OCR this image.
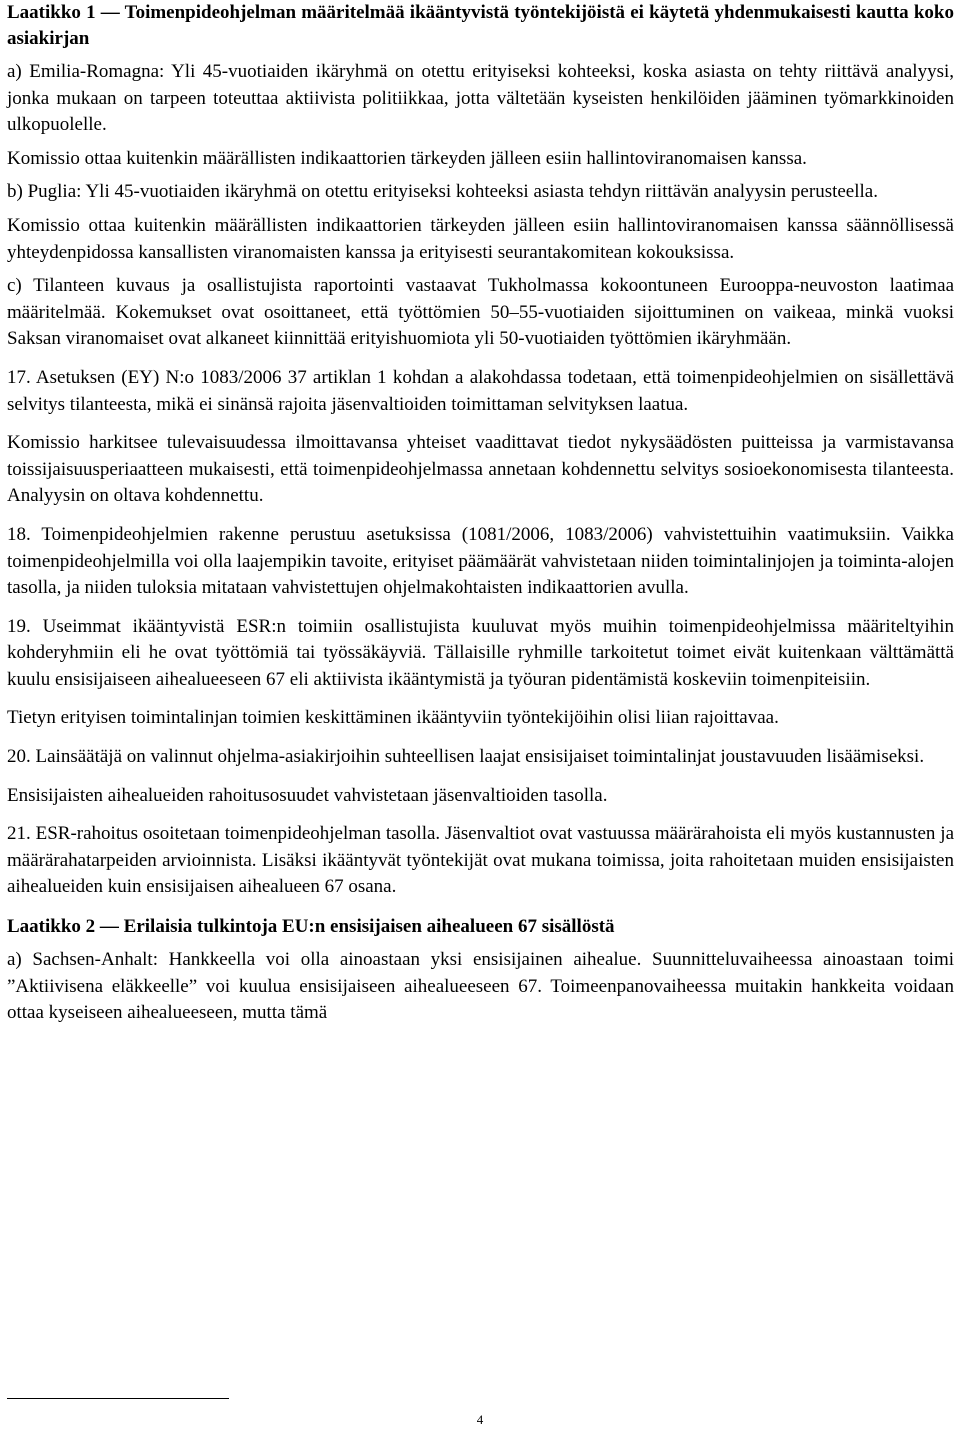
Laatikko 1 — Toimenpideohjelman määritelmää ikääntyvistä työntekijöistä ei käytetä yhdenmukaisesti kautta koko asiakirjan

a) Emilia-Romagna: Yli 45-vuotiaiden ikäryhmä on otettu erityiseksi kohteeksi, koska asiasta on tehty riittävä analyysi, jonka mukaan on tarpeen toteuttaa aktiivista politiikkaa, jotta vältetään kyseisten henkilöiden jääminen työmarkkinoiden ulkopuolelle.

Komissio ottaa kuitenkin määrällisten indikaattorien tärkeyden jälleen esiin hallintoviranomaisen kanssa.

b) Puglia: Yli 45-vuotiaiden ikäryhmä on otettu erityiseksi kohteeksi asiasta tehdyn riittävän analyysin perusteella.

Komissio ottaa kuitenkin määrällisten indikaattorien tärkeyden jälleen esiin hallintoviranomaisen kanssa säännöllisessä yhteydenpidossa kansallisten viranomaisten kanssa ja erityisesti seurantakomitean kokouksissa.

c) Tilanteen kuvaus ja osallistujista raportointi vastaavat Tukholmassa kokoontuneen Eurooppa-neuvoston laatimaa määritelmää. Kokemukset ovat osoittaneet, että työttömien 50–55-vuotiaiden sijoittuminen on vaikeaa, minkä vuoksi Saksan viranomaiset ovat alkaneet kiinnittää erityishuomiota yli 50-vuotiaiden työttömien ikäryhmään.

17. Asetuksen (EY) N:o 1083/2006 37 artiklan 1 kohdan a alakohdassa todetaan, että toimenpideohjelmien on sisällettävä selvitys tilanteesta, mikä ei sinänsä rajoita jäsenvaltioiden toimittaman selvityksen laatua.

Komissio harkitsee tulevaisuudessa ilmoittavansa yhteiset vaadittavat tiedot nykysäädösten puitteissa ja varmistavansa toissijaisuusperiaatteen mukaisesti, että toimenpideohjelmassa annetaan kohdennettu selvitys sosioekonomisesta tilanteesta. Analyysin on oltava kohdennettu.

18. Toimenpideohjelmien rakenne perustuu asetuksissa (1081/2006, 1083/2006) vahvistettuihin vaatimuksiin. Vaikka toimenpideohjelmilla voi olla laajempikin tavoite, erityiset päämäärät vahvistetaan niiden toimintalinjojen ja toiminta-alojen tasolla, ja niiden tuloksia mitataan vahvistettujen ohjelmakohtaisten indikaattorien avulla.

19. Useimmat ikääntyvistä ESR:n toimiin osallistujista kuuluvat myös muihin toimenpideohjelmissa määriteltyihin kohderyhmiin eli he ovat työttömiä tai työssäkäyviä. Tällaisille ryhmille tarkoitetut toimet eivät kuitenkaan välttämättä kuulu ensisijaiseen aihealueeseen 67 eli aktiivista ikääntymistä ja työuran pidentämistä koskeviin toimenpiteisiin.

Tietyn erityisen toimintalinjan toimien keskittäminen ikääntyviin työntekijöihin olisi liian rajoittavaa.

20. Lainsäätäjä on valinnut ohjelma-asiakirjoihin suhteellisen laajat ensisijaiset toimintalinjat joustavuuden lisäämiseksi.

Ensisijaisten aihealueiden rahoitusosuudet vahvistetaan jäsenvaltioiden tasolla.

21. ESR-rahoitus osoitetaan toimenpideohjelman tasolla. Jäsenvaltiot ovat vastuussa määrärahoista eli myös kustannusten ja määrärahatarpeiden arvioinnista. Lisäksi ikääntyvät työntekijät ovat mukana toimissa, joita rahoitetaan muiden ensisijaisten aihealueiden kuin ensisijaisen aihealueen 67 osana.

Laatikko 2 — Erilaisia tulkintoja EU:n ensisijaisen aihealueen 67 sisällöstä

a) Sachsen-Anhalt: Hankkeella voi olla ainoastaan yksi ensisijainen aihealue. Suunnitteluvaiheessa ainoastaan toimi ”Aktiivisena eläkkeelle” voi kuulua ensisijaiseen aihealueeseen 67. Toimeenpanovaiheessa muitakin hankkeita voidaan ottaa kyseiseen aihealueeseen, mutta tämä

4
